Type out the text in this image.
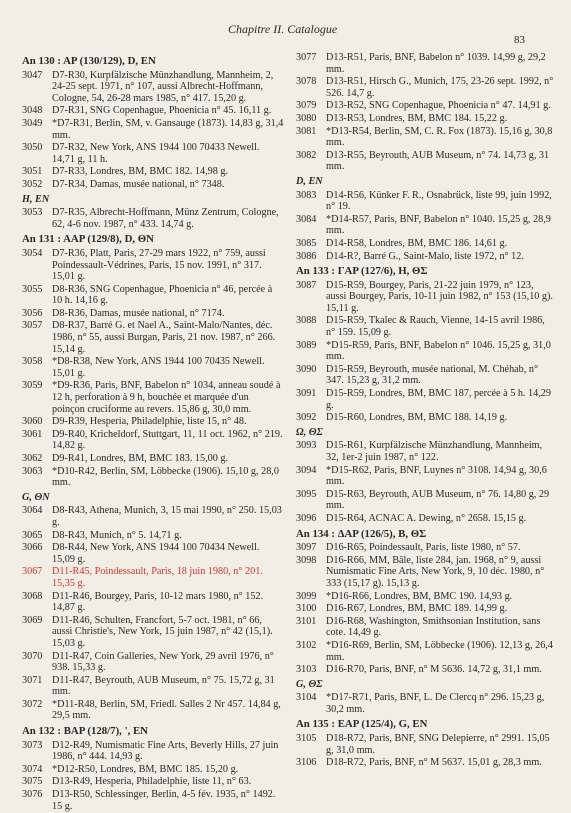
Chapitre II. Catalogue
83
An 130 : AP (130/129), D, EN
3047 D7-R30, Kurpfälzische Münzhandlung, Mannheim, 2, 24-25 sept. 1971, n° 107, aussi Albrecht-Hoffmann, Cologne, 54, 26-28 mars 1985, n° 417. 15,20 g.
3048 D7-R31, SNG Copenhague, Phoenicia n° 45. 16,11 g.
3049 *D7-R31, Berlin, SM, v. Gansauge (1873). 14,83 g, 31,4 mm.
3050 D7-R32, New York, ANS 1944 100 70433 Newell. 14,71 g, 11 h.
3051 D7-R33, Londres, BM, BMC 182. 14,98 g.
3052 D7-R34, Damas, musée national, n° 7348.
H, EN
3053 D7-R35, Albrecht-Hoffmann, Münz Zentrum, Cologne, 62, 4-6 nov. 1987, n° 433. 14,74 g.
An 131 : AAP (129/8), D, ΘΝ
3054 D7-R36, Platt, Paris, 27-29 mars 1922, n° 759, aussi Poindessault-Védrines, Paris, 15 nov. 1991, n° 317. 15,01 g.
3055 D8-R36, SNG Copenhague, Phoenicia n° 46, percée à 10 h. 14,16 g.
3056 D8-R36, Damas, musée national, n° 7174.
3057 D8-R37, Barré G. et Nael A., Saint-Malo/Nantes, déc. 1986, n° 55, aussi Burgan, Paris, 21 nov. 1987, n° 266. 15,14 g.
3058 *D8-R38, New York, ANS 1944 100 70435 Newell. 15,01 g.
3059 *D9-R36, Paris, BNF, Babelon n° 1034, anneau soudé à 12 h, perforation à 9 h, bouchée et marquée d'un poinçon cruciforme au revers. 15,86 g, 30,0 mm.
3060 D9-R39, Hesperia, Philadelphie, liste 15, n° 48.
3061 D9-R40, Kricheldorf, Stuttgart, 11, 11 oct. 1962, n° 219. 14,82 g.
3062 D9-R41, Londres, BM, BMC 183. 15,00 g.
3063 *D10-R42, Berlin, SM, Löbbecke (1906). 15,10 g, 28,0 mm.
G, ΘΝ
3064 D8-R43, Athena, Munich, 3, 15 mai 1990, n° 250. 15,03 g.
3065 D8-R43, Munich, n° 5. 14,71 g.
3066 D8-R44, New York, ANS 1944 100 70434 Newell. 15,09 g.
3067 D11-R45, Poindessault, Paris, 18 juin 1980, n° 201. 15,35 g.
3068 D11-R46, Bourgey, Paris, 10-12 mars 1980, n° 152. 14,87 g.
3069 D11-R46, Schulten, Francfort, 5-7 oct. 1981, n° 66, aussi Christie's, New York, 15 juin 1987, n° 42 (15,1). 15,03 g.
3070 D11-R47, Coin Galleries, New York, 29 avril 1976, n° 938. 15,33 g.
3071 D11-R47, Beyrouth, AUB Museum, n° 75. 15,72 g, 31 mm.
3072 *D11-R48, Berlin, SM, Friedl. Salles 2 Nr 457. 14,84 g, 29,5 mm.
An 132 : BAP (128/7), ', EN
3073 D12-R49, Numismatic Fine Arts, Beverly Hills, 27 juin 1986, n° 444. 14,93 g.
3074 *D12-R50, Londres, BM, BMC 185. 15,20 g.
3075 D13-R49, Hesperia, Philadelphie, liste 11, n° 63.
3076 D13-R50, Schlessinger, Berlin, 4-5 fév. 1935, n° 1492. 15 g.
3077 D13-R51, Paris, BNF, Babelon n° 1039. 14,99 g, 29,2 mm.
3078 D13-R51, Hirsch G., Munich, 175, 23-26 sept. 1992, n° 526. 14,7 g.
3079 D13-R52, SNG Copenhague, Phoenicia n° 47. 14,91 g.
3080 D13-R53, Londres, BM, BMC 184. 15,22 g.
3081 *D13-R54, Berlin, SM, C. R. Fox (1873). 15,16 g, 30,8 mm.
3082 D13-R55, Beyrouth, AUB Museum, n° 74. 14,73 g, 31 mm.
D, EN
3083 D14-R56, Künker F. R., Osnabrück, liste 99, juin 1992, n° 19.
3084 *D14-R57, Paris, BNF, Babelon n° 1040. 15,25 g, 28,9 mm.
3085 D14-R58, Londres, BM, BMC 186. 14,61 g.
3086 D14-R?, Barré G., Saint-Malo, liste 1972, n° 12.
An 133 : ΓAP (127/6), H, ΘΣ
3087 D15-R59, Bourgey, Paris, 21-22 juin 1979, n° 123, aussi Bourgey, Paris, 10-11 juin 1982, n° 153 (15,10 g). 15,11 g.
3088 D15-R59, Tkalec & Rauch, Vienne, 14-15 avril 1986, n° 159. 15,09 g.
3089 *D15-R59, Paris, BNF, Babelon n° 1046. 15,25 g, 31,0 mm.
3090 D15-R59, Beyrouth, musée national, M. Chéhab, n° 347. 15,23 g, 31,2 mm.
3091 D15-R59, Londres, BM, BMC 187, percée à 5 h. 14,29 g.
3092 D15-R60, Londres, BM, BMC 188. 14,19 g.
Ω, ΘΣ
3093 D15-R61, Kurpfälzische Münzhandlung, Mannheim, 32, 1er-2 juin 1987, n° 122.
3094 *D15-R62, Paris, BNF, Luynes n° 3108. 14,94 g, 30,6 mm.
3095 D15-R63, Beyrouth, AUB Museum, n° 76. 14,80 g, 29 mm.
3096 D15-R64, ACNAC A. Dewing, n° 2658. 15,15 g.
An 134 : ΔAP (126/5), B, ΘΣ
3097 D16-R65, Poindessault, Paris, liste 1980, n° 57.
3098 D16-R66, MM, Bâle, liste 284, jan. 1968, n° 9, aussi Numismatic Fine Arts, New York, 9, 10 déc. 1980, n° 333 (15,17 g). 15,13 g.
3099 *D16-R66, Londres, BM, BMC 190. 14,93 g.
3100 D16-R67, Londres, BM, BMC 189. 14,99 g.
3101 D16-R68, Washington, Smithsonian Institution, sans cote. 14,49 g.
3102 *D16-R69, Berlin, SM, Löbbecke (1906). 12,13 g, 26,4 mm.
3103 D16-R70, Paris, BNF, n° M 5636. 14,72 g, 31,1 mm.
G, ΘΣ
3104 *D17-R71, Paris, BNF, L. De Clercq n° 296. 15,23 g, 30,2 mm.
An 135 : EAP (125/4), G, EN
3105 D18-R72, Paris, BNF, SNG Delepierre, n° 2991. 15,05 g, 31,0 mm.
3106 D18-R72, Paris, BNF, n° M 5637. 15,01 g, 28,3 mm.
